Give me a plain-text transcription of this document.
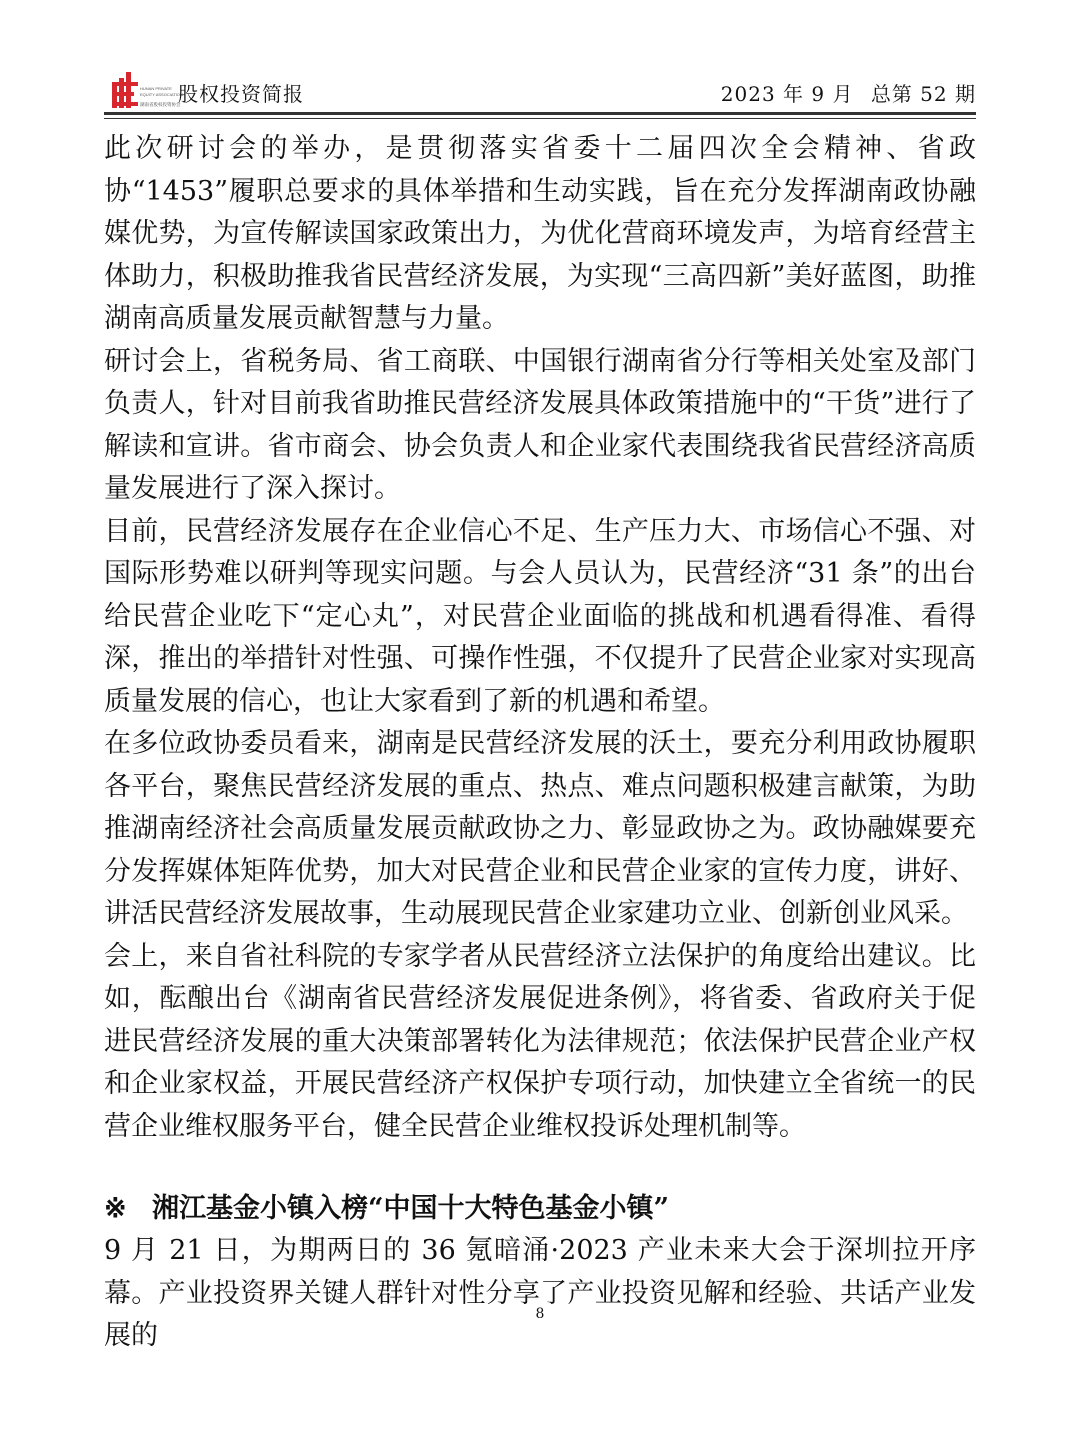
HUNAN PRIVATE
EQUITY ASSOCIATION
湖南省股权投资协会
股权投资简报	2023 年 9 月 总第 52 期

此次研讨会的举办，是贯彻落实省委十二届四次全会精神、省政协“1453”履职总要求的具体举措和生动实践，旨在充分发挥湖南政协融媒优势，为宣传解读国家政策出力，为优化营商环境发声，为培育经营主体助力，积极助推我省民营经济发展，为实现“三高四新”美好蓝图，助推湖南高质量发展贡献智慧与力量。

研讨会上，省税务局、省工商联、中国银行湖南省分行等相关处室及部门负责人，针对目前我省助推民营经济发展具体政策措施中的“干货”进行了解读和宣讲。省市商会、协会负责人和企业家代表围绕我省民营经济高质量发展进行了深入探讨。

目前，民营经济发展存在企业信心不足、生产压力大、市场信心不强、对国际形势难以研判等现实问题。与会人员认为，民营经济“31 条”的出台给民营企业吃下“定心丸”，对民营企业面临的挑战和机遇看得准、看得深，推出的举措针对性强、可操作性强，不仅提升了民营企业家对实现高质量发展的信心，也让大家看到了新的机遇和希望。

在多位政协委员看来，湖南是民营经济发展的沃土，要充分利用政协履职各平台，聚焦民营经济发展的重点、热点、难点问题积极建言献策，为助推湖南经济社会高质量发展贡献政协之力、彰显政协之为。政协融媒要充分发挥媒体矩阵优势，加大对民营企业和民营企业家的宣传力度，讲好、讲活民营经济发展故事，生动展现民营企业家建功立业、创新创业风采。

会上，来自省社科院的专家学者从民营经济立法保护的角度给出建议。比如，酝酿出台《湖南省民营经济发展促进条例》，将省委、省政府关于促进民营经济发展的重大决策部署转化为法律规范；依法保护民营企业产权和企业家权益，开展民营经济产权保护专项行动，加快建立全省统一的民营企业维权服务平台，健全民营企业维权投诉处理机制等。

※ 湘江基金小镇入榜“中国十大特色基金小镇”

9 月 21 日，为期两日的 36 氪暗涌·2023 产业未来大会于深圳拉开序幕。产业投资界关键人群针对性分享了产业投资见解和经验、共话产业发展的

8
